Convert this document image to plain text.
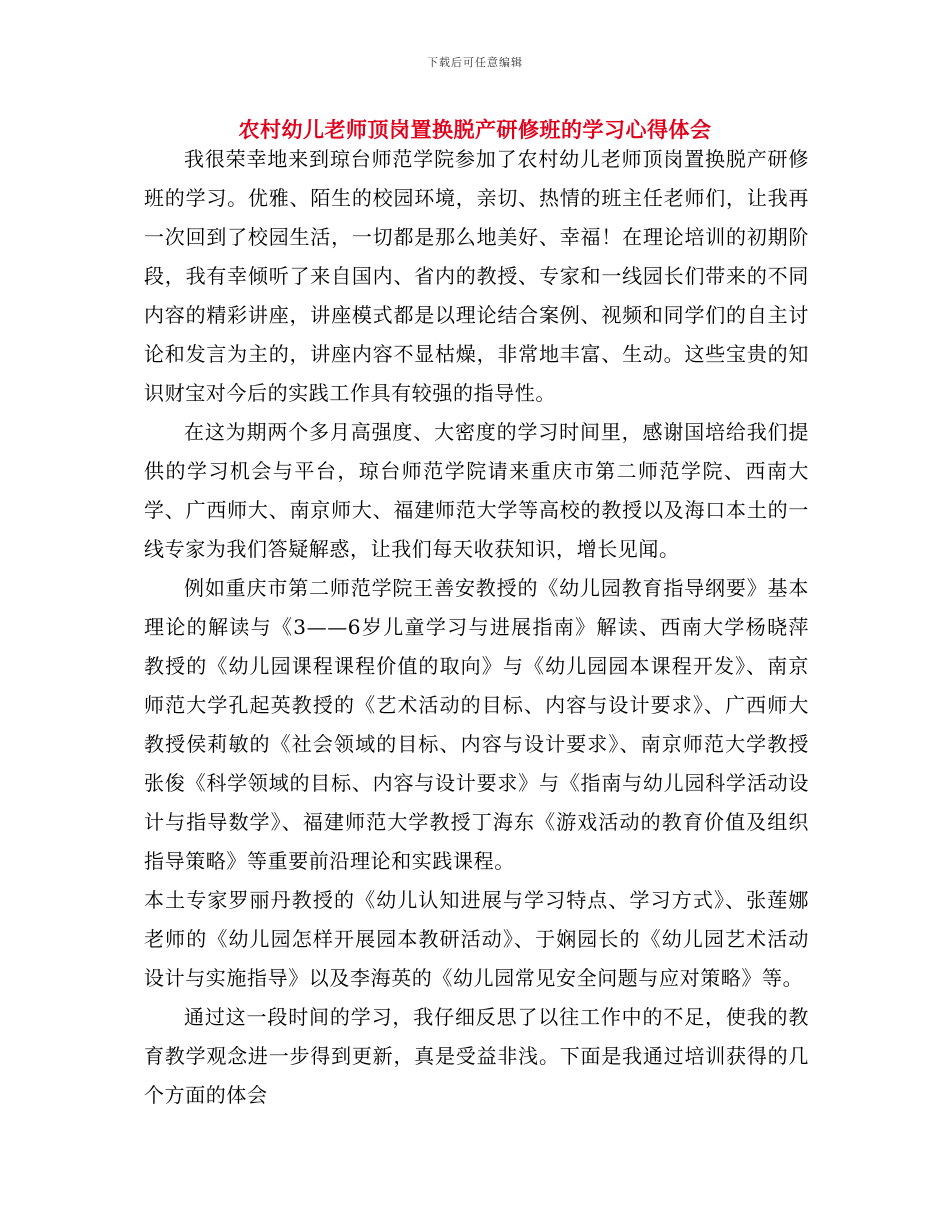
下载后可任意编辑
农村幼儿老师顶岗置换脱产研修班的学习心得体会

我很荣幸地来到琼台师范学院参加了农村幼儿老师顶岗置换脱产研修班的学习。优雅、陌生的校园环境，亲切、热情的班主任老师们，让我再一次回到了校园生活，一切都是那么地美好、幸福！在理论培训的初期阶段，我有幸倾听了来自国内、省内的教授、专家和一线园长们带来的不同内容的精彩讲座，讲座模式都是以理论结合案例、视频和同学们的自主讨论和发言为主的，讲座内容不显枯燥，非常地丰富、生动。这些宝贵的知识财宝对今后的实践工作具有较强的指导性。

在这为期两个多月高强度、大密度的学习时间里，感谢国培给我们提供的学习机会与平台，琼台师范学院请来重庆市第二师范学院、西南大学、广西师大、南京师大、福建师范大学等高校的教授以及海口本土的一线专家为我们答疑解惑，让我们每天收获知识，增长见闻。

例如重庆市第二师范学院王善安教授的《幼儿园教育指导纲要》基本理论的解读与《3——6岁儿童学习与进展指南》解读、西南大学杨晓萍教授的《幼儿园课程课程价值的取向》与《幼儿园园本课程开发》、南京师范大学孔起英教授的《艺术活动的目标、内容与设计要求》、广西师大教授侯莉敏的《社会领域的目标、内容与设计要求》、南京师范大学教授张俊《科学领域的目标、内容与设计要求》与《指南与幼儿园科学活动设计与指导数学》、福建师范大学教授丁海东《游戏活动的教育价值及组织指导策略》等重要前沿理论和实践课程。

本土专家罗丽丹教授的《幼儿认知进展与学习特点、学习方式》、张莲娜老师的《幼儿园怎样开展园本教研活动》、于娴园长的《幼儿园艺术活动设计与实施指导》以及李海英的《幼儿园常见安全问题与应对策略》等。

通过这一段时间的学习，我仔细反思了以往工作中的不足，使我的教育教学观念进一步得到更新，真是受益非浅。下面是我通过培训获得的几个方面的体会
